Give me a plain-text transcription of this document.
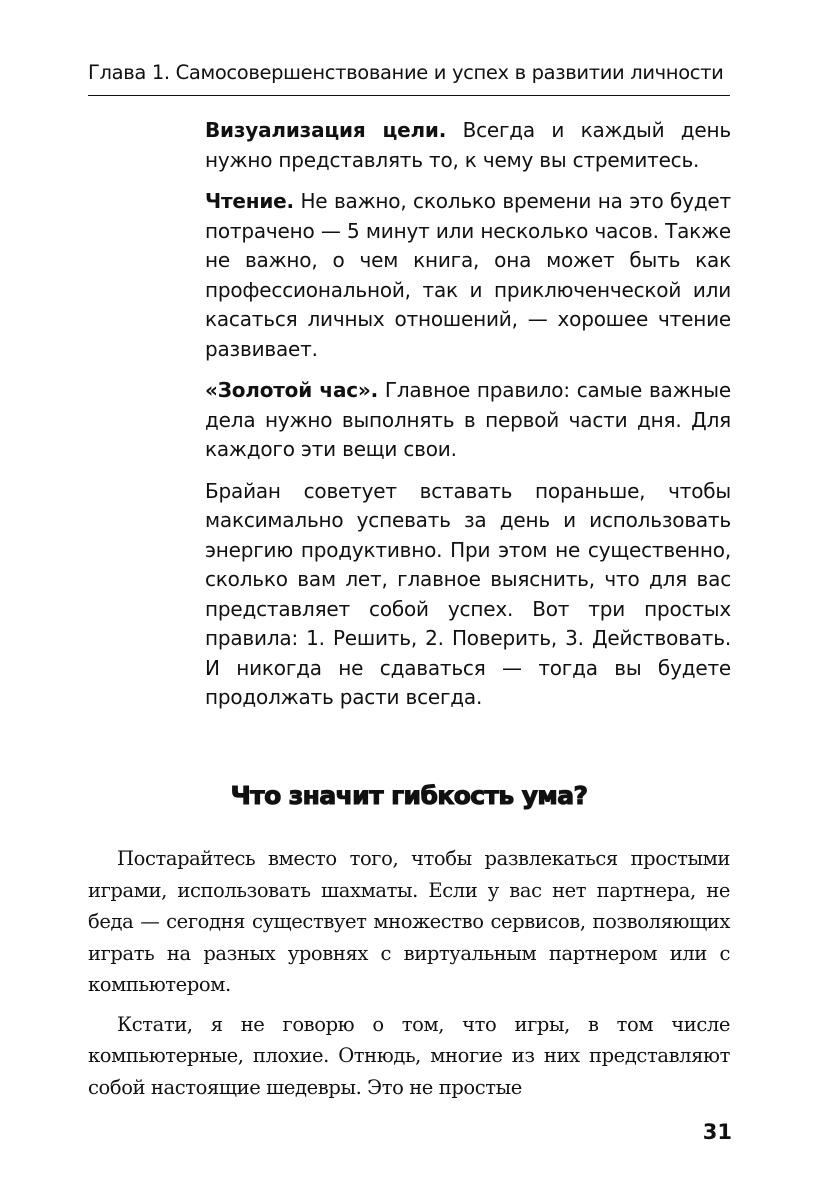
Глава 1. Самосовершенствование и успех в развитии личности

Визуализация цели. Всегда и каждый день нужно представлять то, к чему вы стремитесь.

Чтение. Не важно, сколько времени на это будет потрачено — 5 минут или несколько часов. Также не важно, о чем книга, она может быть как профессиональной, так и приключенческой или касаться личных отношений, — хорошее чтение развивает.

«Золотой час». Главное правило: самые важные дела нужно выполнять в первой части дня. Для каждого эти вещи свои.

Брайан советует вставать пораньше, чтобы максимально успевать за день и использовать энергию продуктивно. При этом не существенно, сколько вам лет, главное выяснить, что для вас представляет собой успех. Вот три простых правила: 1. Решить, 2. Поверить, 3. Действовать. И никогда не сдаваться — тогда вы будете продолжать расти всегда.

Что значит гибкость ума?

Постарайтесь вместо того, чтобы развлекаться простыми играми, использовать шахматы. Если у вас нет партнера, не беда — сегодня существует множество сервисов, позволяющих играть на разных уровнях с виртуальным партнером или с компьютером.

Кстати, я не говорю о том, что игры, в том числе компьютерные, плохие. Отнюдь, многие из них представляют собой настоящие шедевры. Это не простые

31
